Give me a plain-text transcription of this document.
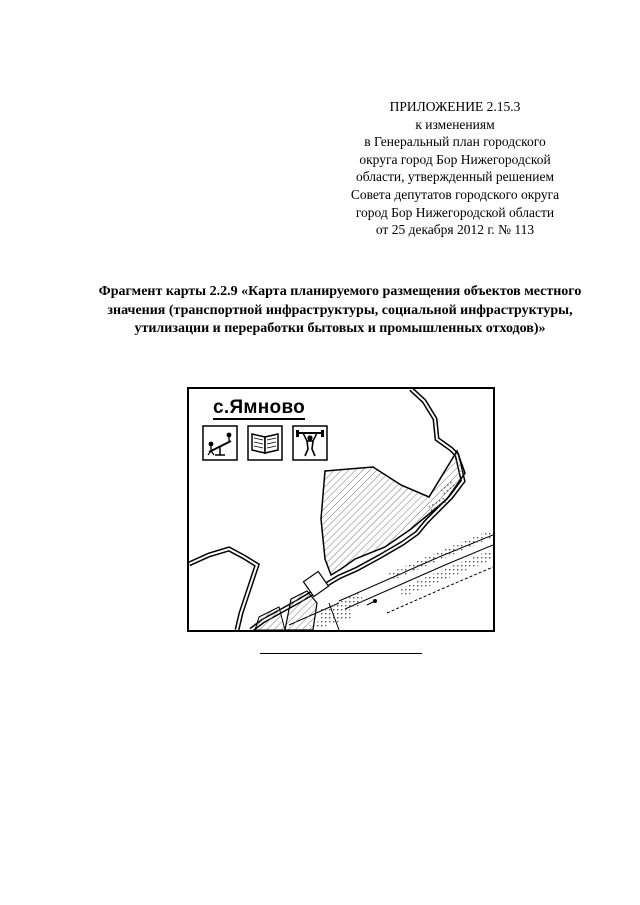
ПРИЛОЖЕНИЕ 2.15.3
к изменениям
в Генеральный план городского
округа город Бор Нижегородской
области, утвержденный решением
Совета депутатов городского округа
город Бор Нижегородской области
от 25 декабря 2012 г. № 113
Фрагмент карты 2.2.9 «Карта планируемого размещения объектов местного значения (транспортной инфраструктуры, социальной инфраструктуры, утилизации и переработки бытовых и промышленных отходов)»
с.Ямново
